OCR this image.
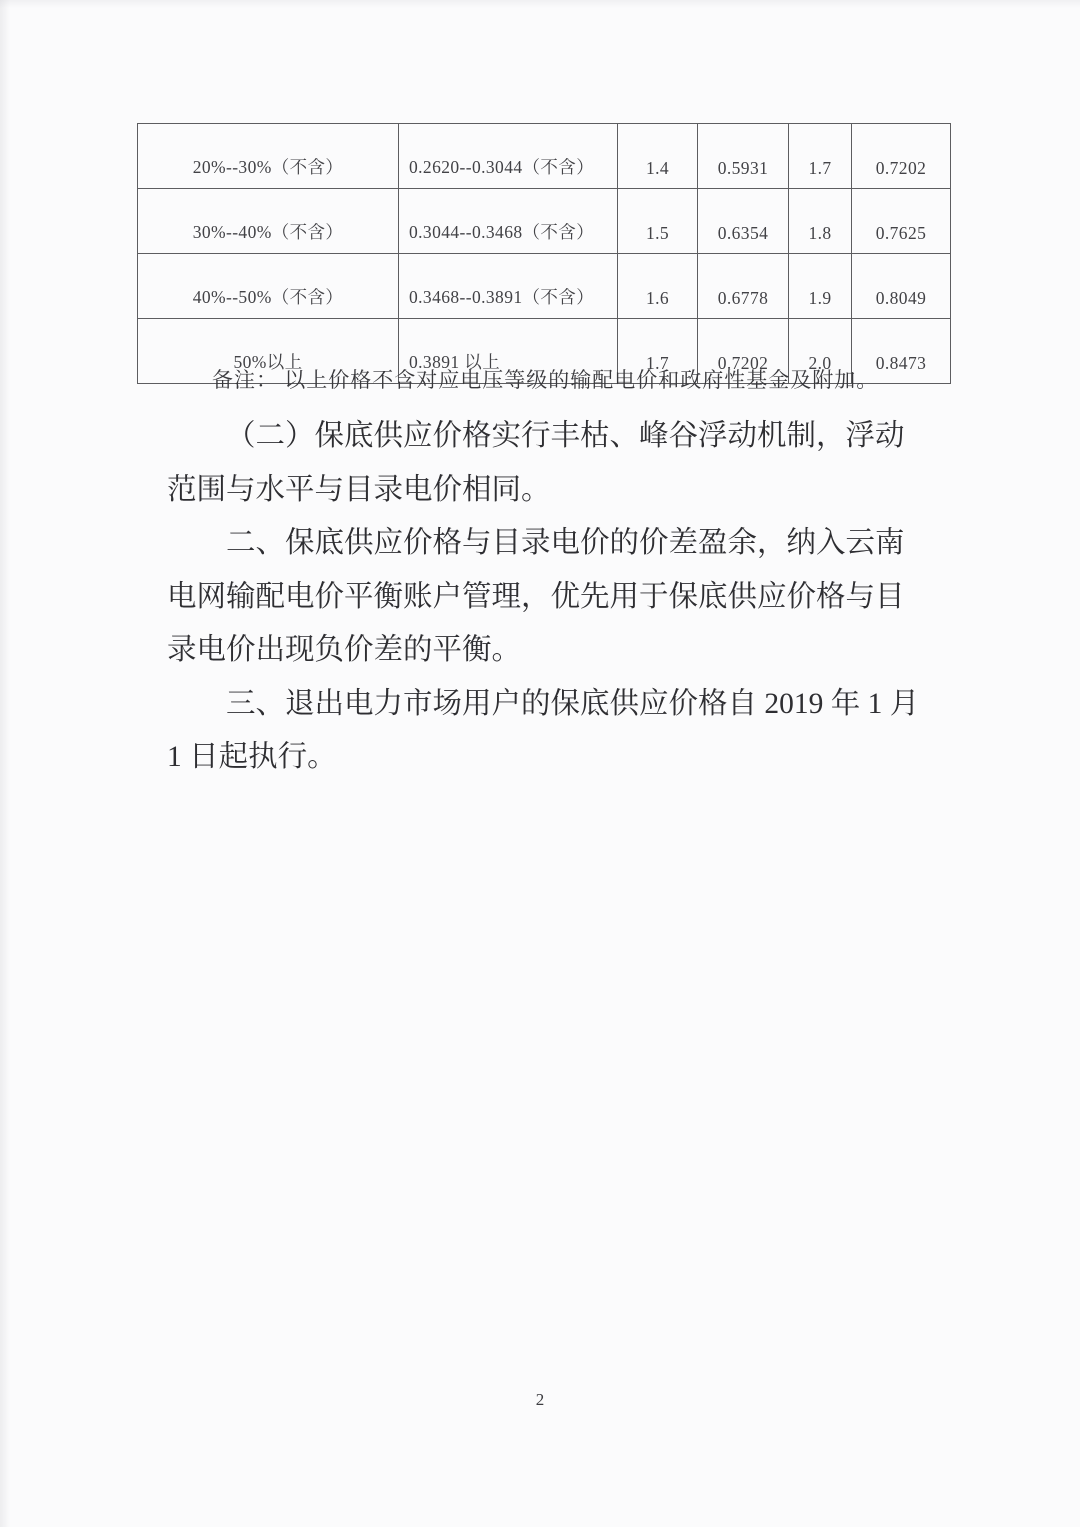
20%--30%（不含）	0.2620--0.3044（不含）	1.4	0.5931	1.7	0.7202
30%--40%（不含）	0.3044--0.3468（不含）	1.5	0.6354	1.8	0.7625
40%--50%（不含）	0.3468--0.3891（不含）	1.6	0.6778	1.9	0.8049
50%以上	0.3891 以上	1.7	0.7202	2.0	0.8473
备注： 以上价格不含对应电压等级的输配电价和政府性基金及附加。

（二）保底供应价格实行丰枯、峰谷浮动机制，浮动范围与水平与目录电价相同。

二、保底供应价格与目录电价的价差盈余，纳入云南电网输配电价平衡账户管理，优先用于保底供应价格与目录电价出现负价差的平衡。

三、退出电力市场用户的保底供应价格自 2019 年 1 月 1 日起执行。

2
